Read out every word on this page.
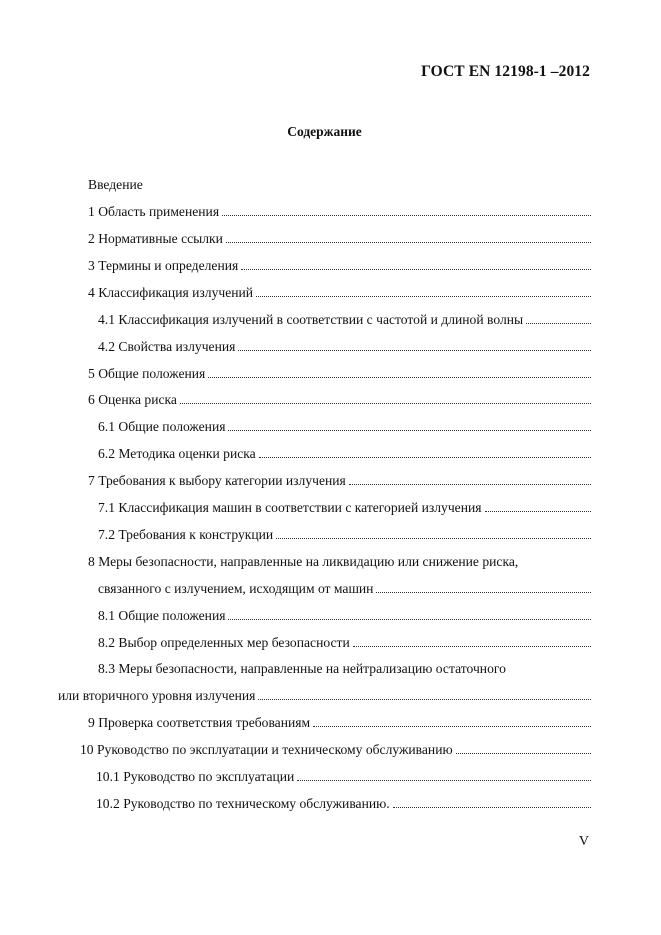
ГОСТ EN 12198-1 –2012
Содержание
Введение
1 Область применения
2 Нормативные ссылки
3 Термины и определения
4 Классификация излучений
4.1 Классификация излучений в соответствии с частотой и длиной волны
4.2 Свойства излучения
5 Общие положения
6 Оценка риска
6.1 Общие положения
6.2 Методика оценки риска
7 Требования к выбору категории излучения
7.1 Классификация машин в соответствии с категорией излучения
7.2 Требования к конструкции
8 Меры безопасности, направленные на ликвидацию или снижение риска,
связанного с излучением, исходящим от машин
8.1 Общие положения
8.2 Выбор определенных мер безопасности
8.3 Меры безопасности, направленные на нейтрализацию остаточного
или вторичного уровня излучения
9 Проверка соответствия требованиям
10 Руководство по эксплуатации и техническому обслуживанию
10.1 Руководство по эксплуатации
10.2 Руководство по техническому обслуживанию.
V
